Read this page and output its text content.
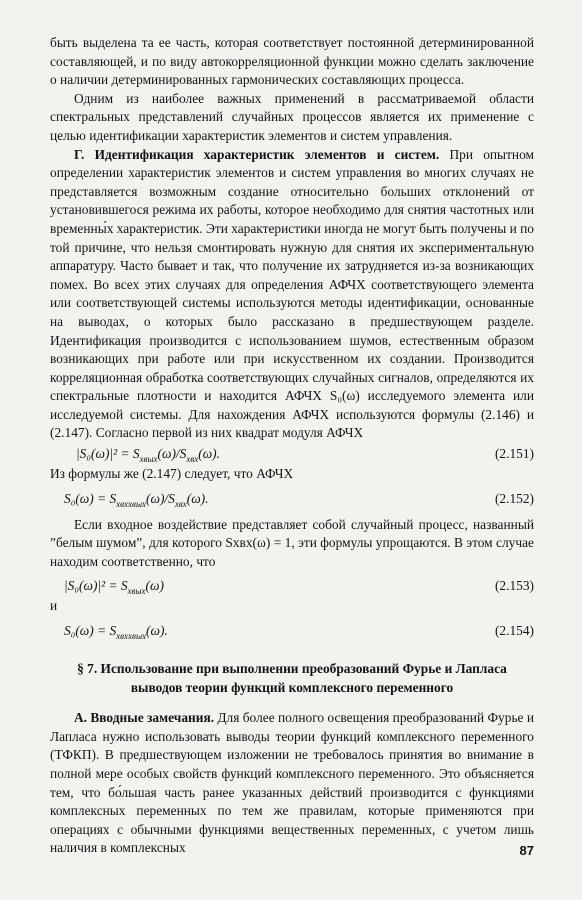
быть выделена та ее часть, которая соответствует постоянной детерминированной составляющей, и по виду автокорреляционной функции можно сделать заключение о наличии детерминированных гармонических составляющих процесса.

Одним из наиболее важных применений в рассматриваемой области спектральных представлений случайных процессов является их применение с целью идентификации характеристик элементов и систем управления.

Г. Идентификация характеристик элементов и систем. При опытном определении характеристик элементов и систем управления во многих случаях не представляется возможным создание относительно больших отклонений от установившегося режима их работы, которое необходимо для снятия частотных или временны́х характеристик. Эти характеристики иногда не могут быть получены и по той причине, что нельзя смонтировать нужную для снятия их экспериментальную аппаратуру. Часто бывает и так, что получение их затрудняется из-за возникающих помех. Во всех этих случаях для определения АФЧХ соответствующего элемента или соответствующей системы используются методы идентификации, основанные на выводах, о которых было рассказано в предшествующем разделе. Идентификация производится с использованием шумов, естественным образом возникающих при работе или при искусственном их создании. Производится корреляционная обработка соответствующих случайных сигналов, определяются их спектральные плотности и находится АФЧХ S₀(ω) исследуемого элемента или исследуемой системы. Для нахождения АФЧХ используются формулы (2.146) и (2.147). Согласно первой из них квадрат модуля АФЧХ

$|S_0(\omega)|^2 = S_{xвыx}(\omega)/S_{xвx}(\omega)$.	(2.151)

Из формулы же (2.147) следует, что АФЧХ

$S_0(\omega) = S_{xвxxвыx}(\omega)/S_{xвx}(\omega)$.	(2.152)

Если входное воздействие представляет собой случайный процесс, названный ”белым шумом”, для которого Sxвx(ω) = 1, эти формулы упрощаются. В этом случае находим соответственно, что

$|S_0(\omega)|^2 = S_{xвыx}(\omega)$	(2.153)

и

$S_0(\omega) = S_{xвxxвыx}(\omega)$.	(2.154)
§ 7. Использование при выполнении преобразований Фурье и Лапласа выводов теории функций комплексного переменного

А. Вводные замечания. Для более полного освещения преобразований Фурье и Лапласа нужно использовать выводы теории функций комплексного переменного (ТФКП). В предшествующем изложении не требовалось принятия во внимание в полной мере особых свойств функций комплексного переменного. Это объясняется тем, что бо́льшая часть ранее указанных действий производится с функциями комплексных переменных по тем же правилам, которые применяются при операциях с обычными функциями вещественных переменных, с учетом лишь наличия в комплексных	87
